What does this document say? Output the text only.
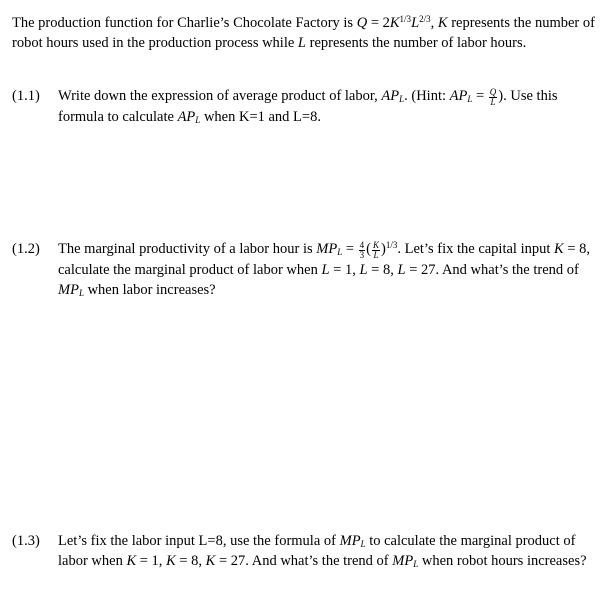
The production function for Charlie’s Chocolate Factory is $Q = 2K^{1/3}L^{2/3}$, K represents the number of robot hours used in the production process while L represents the number of labor hours.
(1.1)	Write down the expression of average product of labor, $AP_L$. (Hint: $AP_L = \frac{Q}{L}$ ). Use this formula to calculate $AP_L$ when K=1 and L=8.
(1.2)	The marginal productivity of a labor hour is $MP_L = \frac{4}{3}$ ( $\frac{K}{L} )^{1/3}$. Let’s fix the capital input K = 8, calculate the marginal product of labor when L = 1, L = 8, L = 27. And what’s the trend of $MP_L$ when labor increases?
(1.3)	Let’s fix the labor input L=8, use the formula of $MP_L$ to calculate the marginal product of labor when K = 1, K = 8, K = 27. And what’s the trend of $MP_L$ when robot hours increases?
